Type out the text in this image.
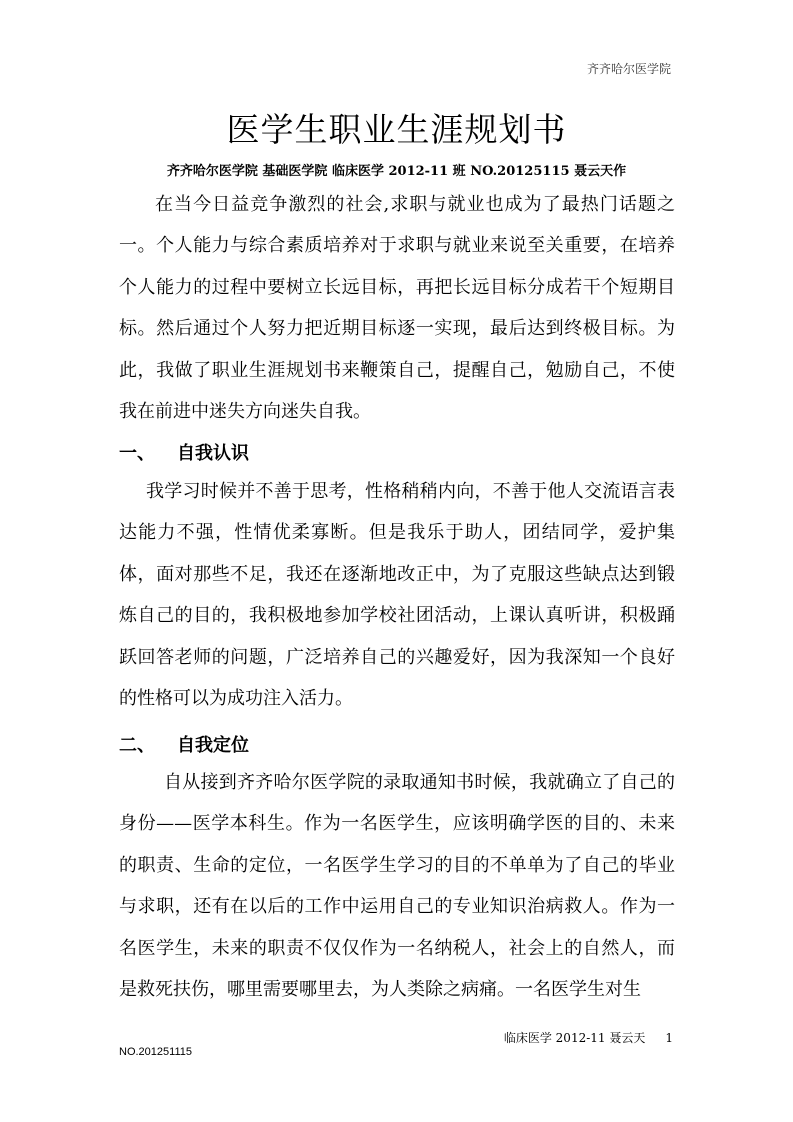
齐齐哈尔医学院
医学生职业生涯规划书
齐齐哈尔医学院 基础医学院 临床医学 2012-11 班 NO.20125115 聂云天作

在当今日益竞争激烈的社会,求职与就业也成为了最热门话题之一。个人能力与综合素质培养对于求职与就业来说至关重要，在培养个人能力的过程中要树立长远目标，再把长远目标分成若干个短期目标。然后通过个人努力把近期目标逐一实现，最后达到终极目标。为此，我做了职业生涯规划书来鞭策自己，提醒自己，勉励自己，不使我在前进中迷失方向迷失自我。

一、 自我认识

我学习时候并不善于思考，性格稍稍内向，不善于他人交流语言表达能力不强，性情优柔寡断。但是我乐于助人，团结同学，爱护集体，面对那些不足，我还在逐渐地改正中，为了克服这些缺点达到锻炼自己的目的，我积极地参加学校社团活动，上课认真听讲，积极踊跃回答老师的问题，广泛培养自己的兴趣爱好，因为我深知一个良好的性格可以为成功注入活力。

二、 自我定位

自从接到齐齐哈尔医学院的录取通知书时候，我就确立了自己的身份——医学本科生。作为一名医学生，应该明确学医的目的、未来的职责、生命的定位，一名医学生学习的目的不单单为了自己的毕业与求职，还有在以后的工作中运用自己的专业知识治病救人。作为一名医学生，未来的职责不仅仅作为一名纳税人，社会上的自然人，而是救死扶伤，哪里需要哪里去，为人类除之病痛。一名医学生对生

临床医学 2012-11 聂云天 1
NO.201251115
